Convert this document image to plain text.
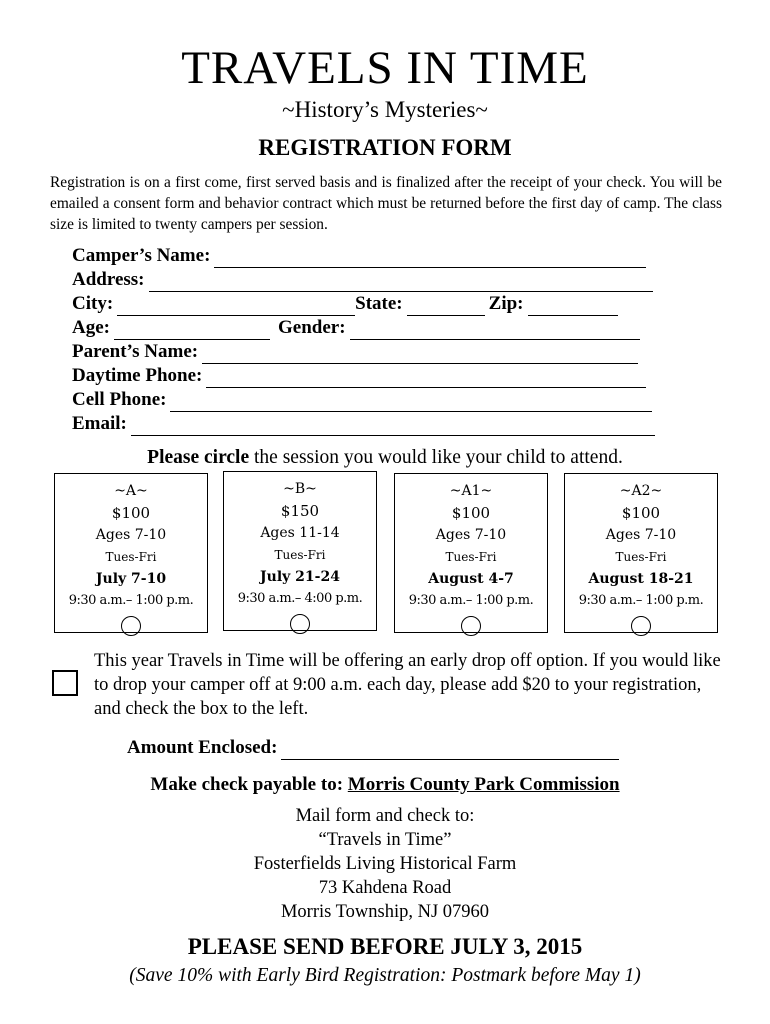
TRAVELS IN TIME
~History’s Mysteries~
REGISTRATION FORM
Registration is on a first come, first served basis and is finalized after the receipt of your check. You will be emailed a consent form and behavior contract which must be returned before the first day of camp. The class size is limited to twenty campers per session.
Camper’s Name:
Address:
City:	State:	Zip:
Age:	Gender:
Parent’s Name:
Daytime Phone:
Cell Phone:
Email:
Please circle the session you would like your child to attend.
~A~
$100
Ages 7-10
Tues-Fri
July 7-10
9:30 a.m.– 1:00 p.m.
~B~
$150
Ages 11-14
Tues-Fri
July 21-24
9:30 a.m.– 4:00 p.m.
~A1~
$100
Ages 7-10
Tues-Fri
August 4-7
9:30 a.m.– 1:00 p.m.
~A2~
$100
Ages 7-10
Tues-Fri
August 18-21
9:30 a.m.– 1:00 p.m.
This year Travels in Time will be offering an early drop off option. If you would like to drop your camper off at 9:00 a.m. each day, please add $20 to your registration, and check the box to the left.
Amount Enclosed:
Make check payable to: Morris County Park Commission
Mail form and check to:
“Travels in Time”
Fosterfields Living Historical Farm
73 Kahdena Road
Morris Township, NJ 07960
PLEASE SEND BEFORE JULY 3, 2015
(Save 10% with Early Bird Registration: Postmark before May 1)
